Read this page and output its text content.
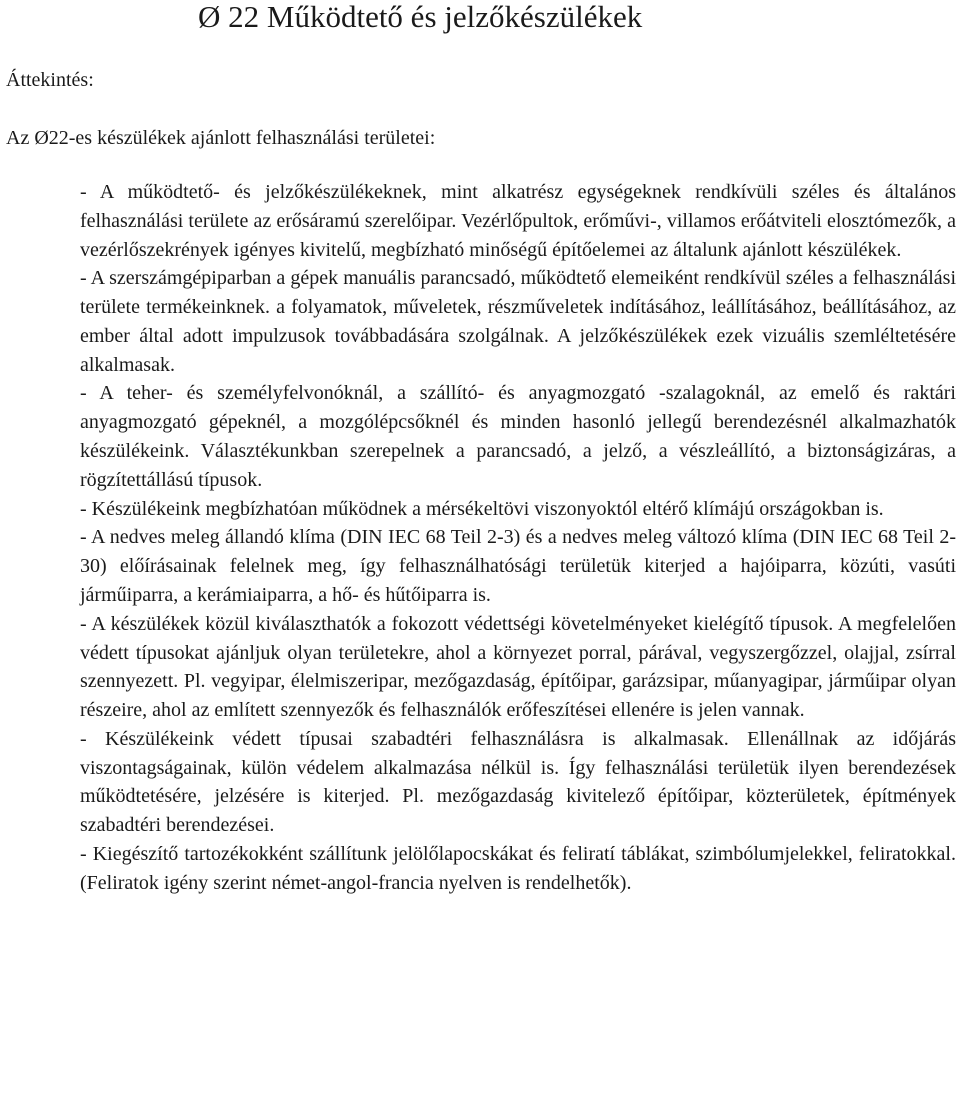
Ø 22 Működtető és jelzőkészülékek
Áttekintés:
Az Ø22-es készülékek ajánlott felhasználási területei:

- A működtető- és jelzőkészülékeknek, mint alkatrész egységeknek rendkívüli széles és általános felhasználási területe az erősáramú szerelőipar. Vezérlőpultok, erőművi-, villamos erőátviteli elosztómezők, a vezérlőszekrények igényes kivitelű, megbízható minőségű építőelemei az általunk ajánlott készülékek.

- A szerszámgépiparban a gépek manuális parancsadó, működtető elemeiként rendkívül széles a felhasználási területe termékeinknek. a folyamatok, műveletek, részműveletek indításához, leállításához, beállításához, az ember által adott impulzusok továbbadására szolgálnak. A jelzőkészülékek ezek vizuális szemléltetésére alkalmasak.

- A teher- és személyfelvonóknál, a szállító- és anyagmozgató -szalagoknál, az emelő és raktári anyagmozgató gépeknél, a mozgólépcsőknél és minden hasonló jellegű berendezésnél alkalmazhatók készülékeink. Választékunkban szerepelnek a parancsadó, a jelző, a vészleállító, a biztonságizáras, a rögzítettállású típusok.

- Készülékeink megbízhatóan működnek a mérsékeltövi viszonyoktól eltérő klímájú országokban is.

- A nedves meleg állandó klíma (DIN IEC 68 Teil 2-3) és a nedves meleg változó klíma (DIN IEC 68 Teil 2-30) előírásainak felelnek meg, így felhasználhatósági területük kiterjed a hajóiparra, közúti, vasúti járműiparra, a kerámiaiparra, a hő- és hűtőiparra is.

- A készülékek közül kiválaszthatók a fokozott védettségi követelményeket kielégítő típusok. A megfelelően védett típusokat ajánljuk olyan területekre, ahol a környezet porral, párával, vegyszergőzzel, olajjal, zsírral szennyezett. Pl. vegyipar, élelmiszeripar, mezőgazdaság, építőipar, garázsipar, műanyagipar, járműipar olyan részeire, ahol az említett szennyezők és felhasználók erőfeszítései ellenére is jelen vannak.

- Készülékeink védett típusai szabadtéri felhasználásra is alkalmasak. Ellenállnak az időjárás viszontagságainak, külön védelem alkalmazása nélkül is. Így felhasználási területük ilyen berendezések működtetésére, jelzésére is kiterjed. Pl. mezőgazdaság kivitelező építőipar, közterületek, építmények szabadtéri berendezései.

- Kiegészítő tartozékokként szállítunk jelölőlapocskákat és feliratí táblákat, szimbólumjelekkel, feliratokkal. (Feliratok igény szerint német-angol-francia nyelven is rendelhetők).
